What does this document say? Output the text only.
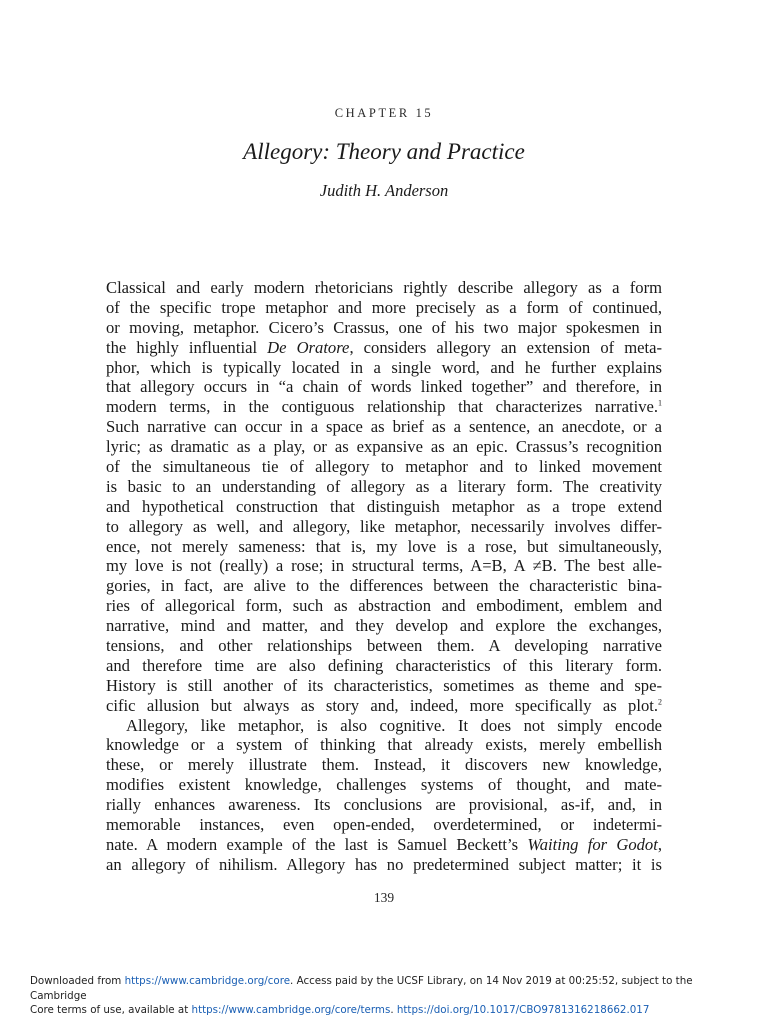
CHAPTER 15
Allegory: Theory and Practice
Judith H. Anderson
Classical and early modern rhetoricians rightly describe allegory as a form
of the specific trope metaphor and more precisely as a form of continued,
or moving, metaphor. Cicero’s Crassus, one of his two major spokesmen in
the highly influential De Oratore, considers allegory an extension of meta-
phor, which is typically located in a single word, and he further explains
that allegory occurs in “a chain of words linked together” and therefore, in
modern terms, in the contiguous relationship that characterizes narrative.$^1$
Such narrative can occur in a space as brief as a sentence, an anecdote, or a
lyric; as dramatic as a play, or as expansive as an epic. Crassus’s recognition
of the simultaneous tie of allegory to metaphor and to linked movement
is basic to an understanding of allegory as a literary form. The creativity
and hypothetical construction that distinguish metaphor as a trope extend
to allegory as well, and allegory, like metaphor, necessarily involves differ-
ence, not merely sameness: that is, my love is a rose, but simultaneously,
my love is not (really) a rose; in structural terms, A=B, A ≠B. The best alle-
gories, in fact, are alive to the differences between the characteristic bina-
ries of allegorical form, such as abstraction and embodiment, emblem and
narrative, mind and matter, and they develop and explore the exchanges,
tensions, and other relationships between them. A developing narrative
and therefore time are also defining characteristics of this literary form.
History is still another of its characteristics, sometimes as theme and spe-
cific allusion but always as story and, indeed, more specifically as plot.$^2$
Allegory, like metaphor, is also cognitive. It does not simply encode
knowledge or a system of thinking that already exists, merely embellish
these, or merely illustrate them. Instead, it discovers new knowledge,
modifies existent knowledge, challenges systems of thought, and mate-
rially enhances awareness. Its conclusions are provisional, as-if, and, in
memorable instances, even open-ended, overdetermined, or indetermi-
nate. A modern example of the last is Samuel Beckett’s Waiting for Godot,
an allegory of nihilism. Allegory has no predetermined subject matter; it is
139
Downloaded from https://www.cambridge.org/core. Access paid by the UCSF Library, on 14 Nov 2019 at 00:25:52, subject to the Cambridge
Core terms of use, available at https://www.cambridge.org/core/terms. https://doi.org/10.1017/CBO9781316218662.017
